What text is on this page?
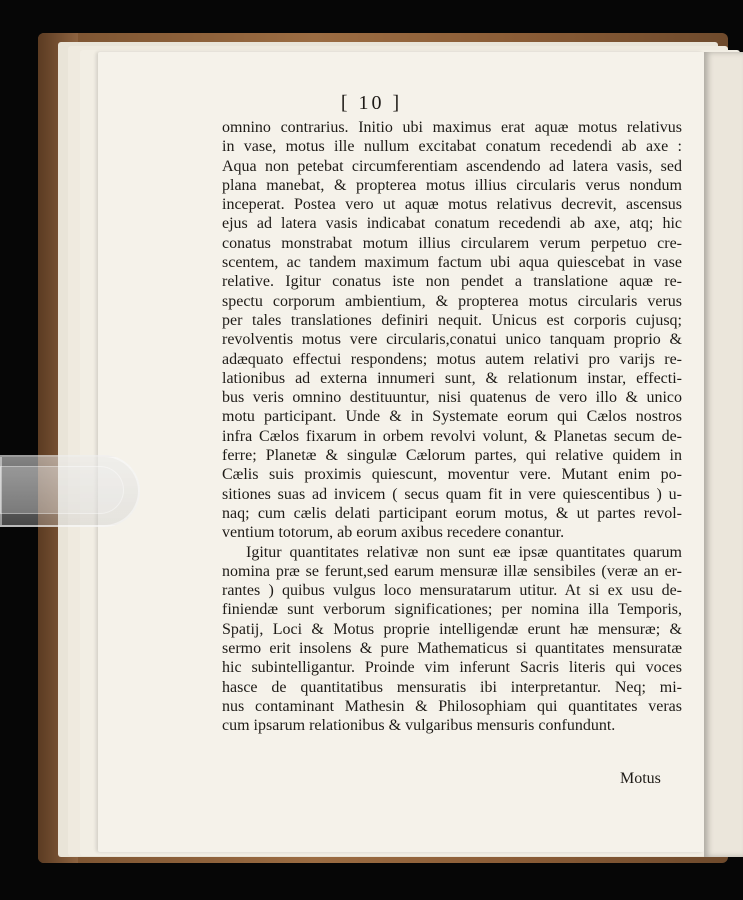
[ 10 ]
omnino contrarius. Initio ubi maximus erat aquæ motus relativus
in vase, motus ille nullum excitabat conatum recedendi ab axe :
Aqua non petebat circumferentiam ascendendo ad latera vasis, sed
plana manebat, & propterea motus illius circularis verus nondum
inceperat. Postea vero ut aquæ motus relativus decrevit, ascensus
ejus ad latera vasis indicabat conatum recedendi ab axe, atq; hic
conatus monstrabat motum illius circularem verum perpetuo cre-
scentem, ac tandem maximum factum ubi aqua quiescebat in vase
relative. Igitur conatus iste non pendet a translatione aquæ re-
spectu corporum ambientium, & propterea motus circularis verus
per tales translationes definiri nequit. Unicus est corporis cujusq;
revolventis motus vere circularis,conatui unico tanquam proprio &
adæquato effectui respondens; motus autem relativi pro varijs re-
lationibus ad externa innumeri sunt, & relationum instar, effecti-
bus veris omnino destituuntur, nisi quatenus de vero illo & unico
motu participant. Unde & in Systemate eorum qui Cælos nostros
infra Cælos fixarum in orbem revolvi volunt, & Planetas secum de-
ferre; Planetæ & singulæ Cælorum partes, qui relative quidem in
Cælis suis proximis quiescunt, moventur vere. Mutant enim po-
sitiones suas ad invicem ( secus quam fit in vere quiescentibus ) u-
naq; cum cælis delati participant eorum motus, & ut partes revol-
ventium totorum, ab eorum axibus recedere conantur.
Igitur quantitates relativæ non sunt eæ ipsæ quantitates quarum
nomina præ se ferunt,sed earum mensuræ illæ sensibiles (veræ an er-
rantes ) quibus vulgus loco mensuratarum utitur. At si ex usu de-
finiendæ sunt verborum significationes; per nomina illa Temporis,
Spatij, Loci & Motus proprie intelligendæ erunt hæ mensuræ; &
sermo erit insolens & pure Mathematicus si quantitates mensuratæ
hic subintelligantur. Proinde vim inferunt Sacris literis qui voces
hasce de quantitatibus mensuratis ibi interpretantur. Neq; mi-
nus contaminant Mathesin & Philosophiam qui quantitates veras
cum ipsarum relationibus & vulgaribus mensuris confundunt.
Motus
